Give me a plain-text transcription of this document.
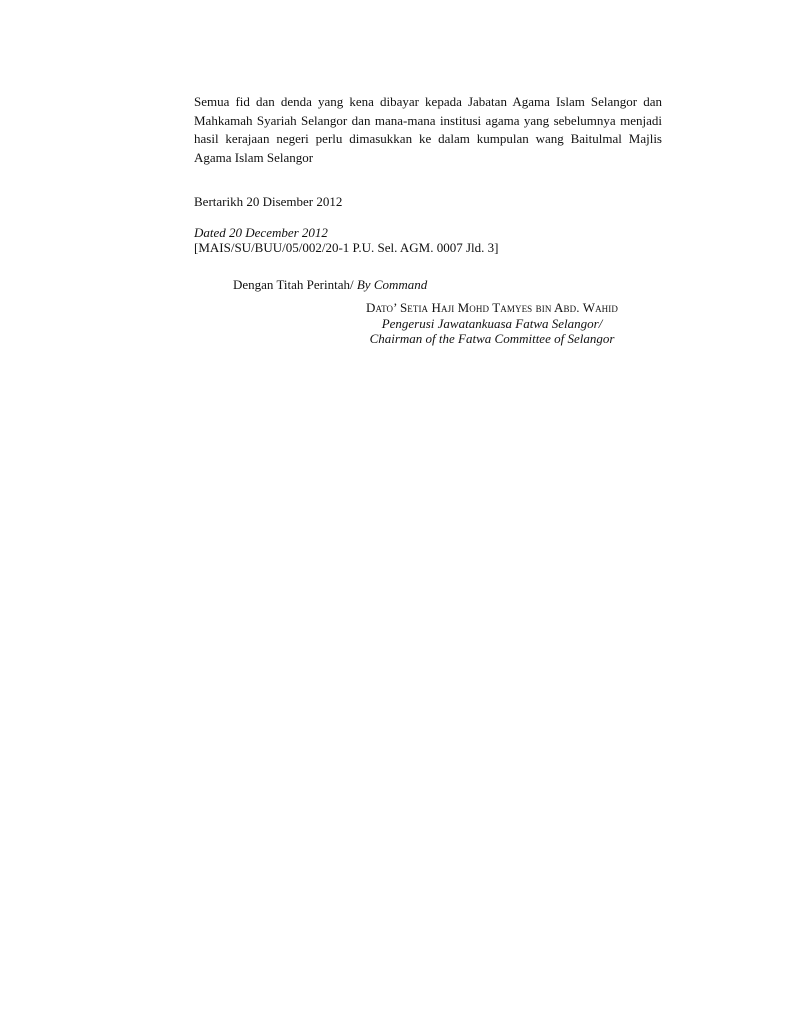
Semua fid dan denda yang kena dibayar kepada Jabatan Agama Islam Selangor dan Mahkamah Syariah Selangor dan mana-mana institusi agama yang sebelumnya menjadi hasil kerajaan negeri perlu dimasukkan ke dalam kumpulan wang Baitulmal Majlis Agama Islam Selangor

Bertarikh 20 Disember 2012
Dated 20 December 2012
[MAIS/SU/BUU/05/002/20-1 P.U. Sel. AGM. 0007 Jld. 3]
Dengan Titah Perintah/ By Command
Dato’ Setia Haji Mohd Tamyes bin Abd. Wahid
Pengerusi Jawatankuasa Fatwa Selangor/
Chairman of the Fatwa Committee of Selangor
